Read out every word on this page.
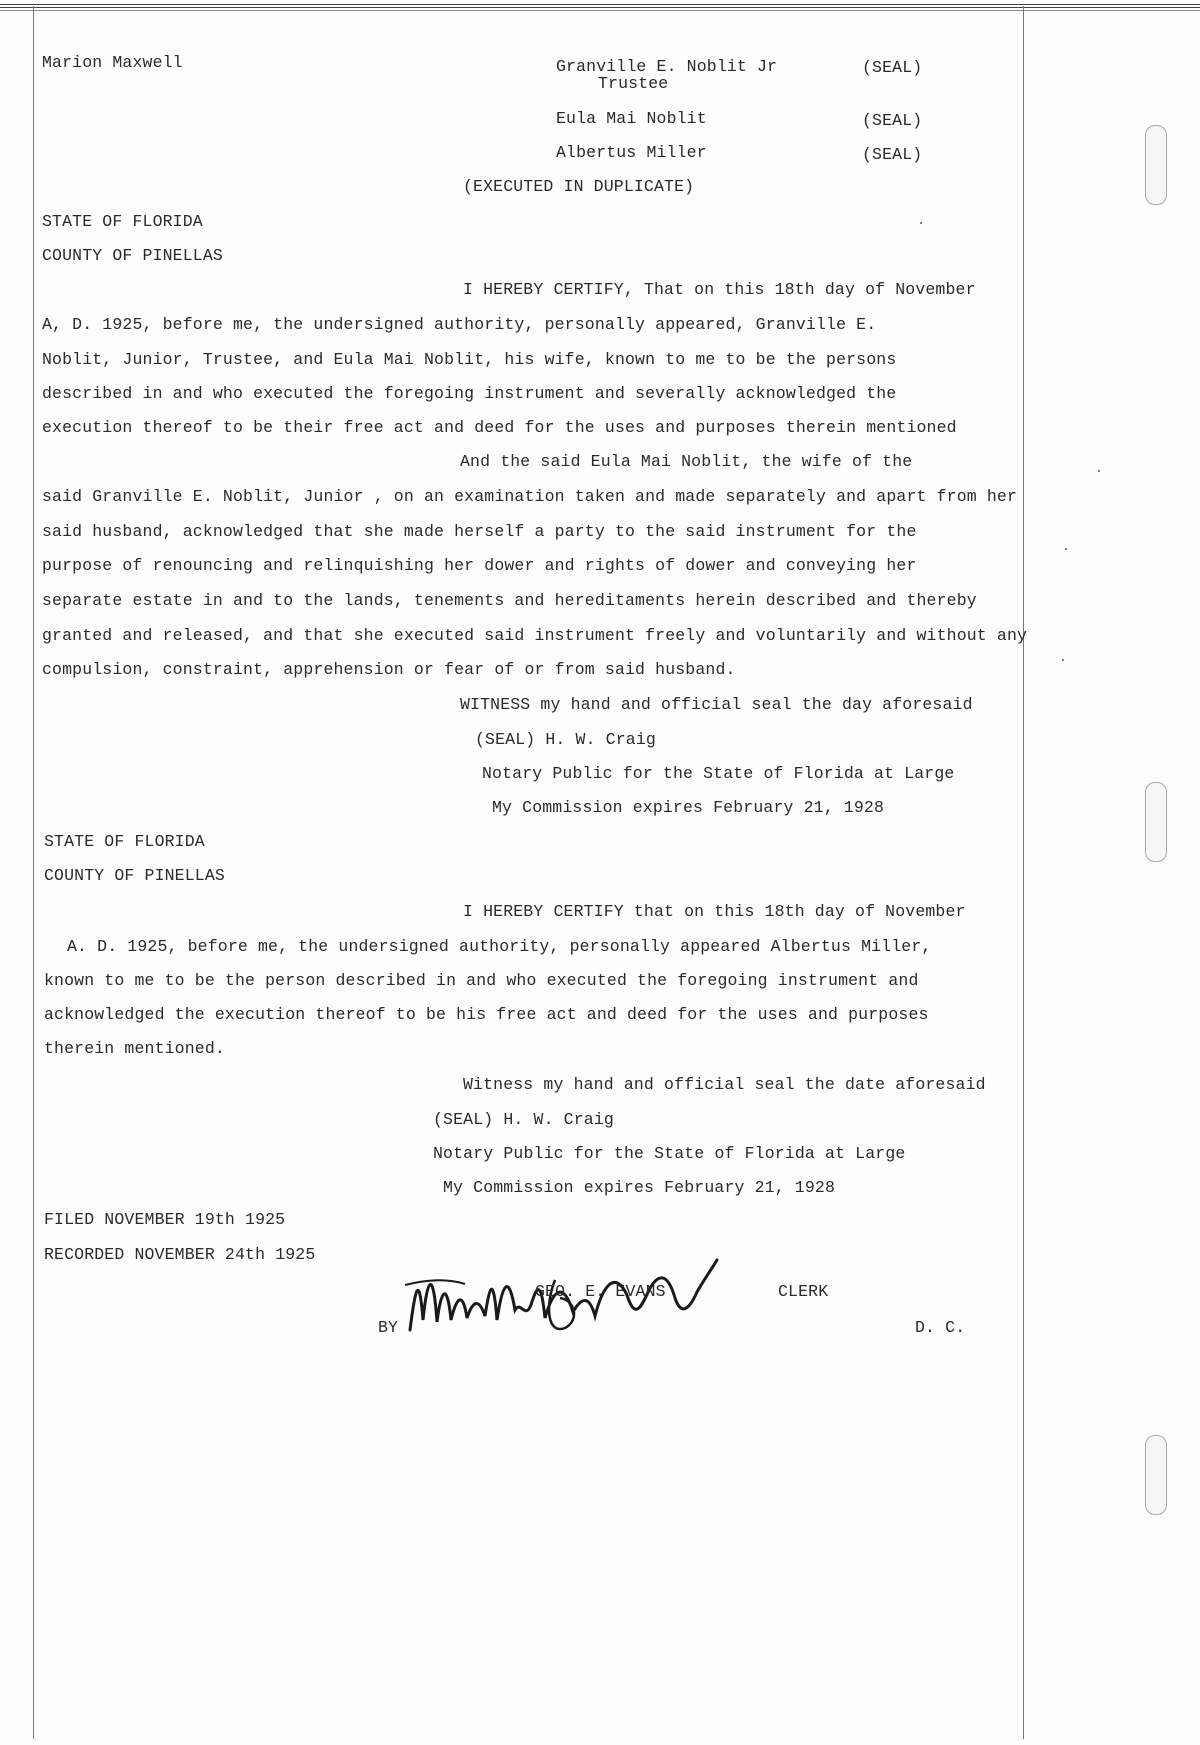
Marion Maxwell	Granville E. Noblit Jr	(SEAL)
Trustee
Eula Mai Noblit	(SEAL)
Albertus Miller	(SEAL)
(EXECUTED IN DUPLICATE)
STATE OF FLORIDA
COUNTY OF PINELLAS
I HEREBY CERTIFY, That on this 18th day of November
A, D. 1925, before me, the undersigned authority, personally appeared, Granville E.
Noblit, Junior, Trustee, and Eula Mai Noblit, his wife, known to me to be the persons
described in and who executed the foregoing instrument and severally acknowledged the
execution thereof to be their free act and deed for the uses and purposes therein mentioned
And the said Eula Mai Noblit, the wife of the
said Granville E. Noblit, Junior , on an examination taken and made separately and apart from her
said husband, acknowledged that she made herself a party to the said instrument for the
purpose of renouncing and relinquishing her dower and rights of dower and conveying her
separate estate in and to the lands, tenements and hereditaments herein described and thereby
granted and released, and that she executed said instrument freely and voluntarily and without any
compulsion, constraint, apprehension or fear of or from said husband.
WITNESS my hand and official seal the day aforesaid
(SEAL) H. W. Craig
Notary Public for the State of Florida at Large
My Commission expires February 21, 1928
STATE OF FLORIDA
COUNTY OF PINELLAS
I HEREBY CERTIFY that on this 18th day of November
A. D. 1925, before me, the undersigned authority, personally appeared Albertus Miller,
known to me to be the person described in and who executed the foregoing instrument and
acknowledged the execution thereof to be his free act and deed for the uses and purposes
therein mentioned.
Witness my hand and official seal the date aforesaid
(SEAL) H. W. Craig
Notary Public for the State of Florida at Large
My Commission expires February 21, 1928
FILED NOVEMBER 19th 1925
RECORDED NOVEMBER 24th 1925
GEO. E. EVANS	CLERK
BY	D. C.
